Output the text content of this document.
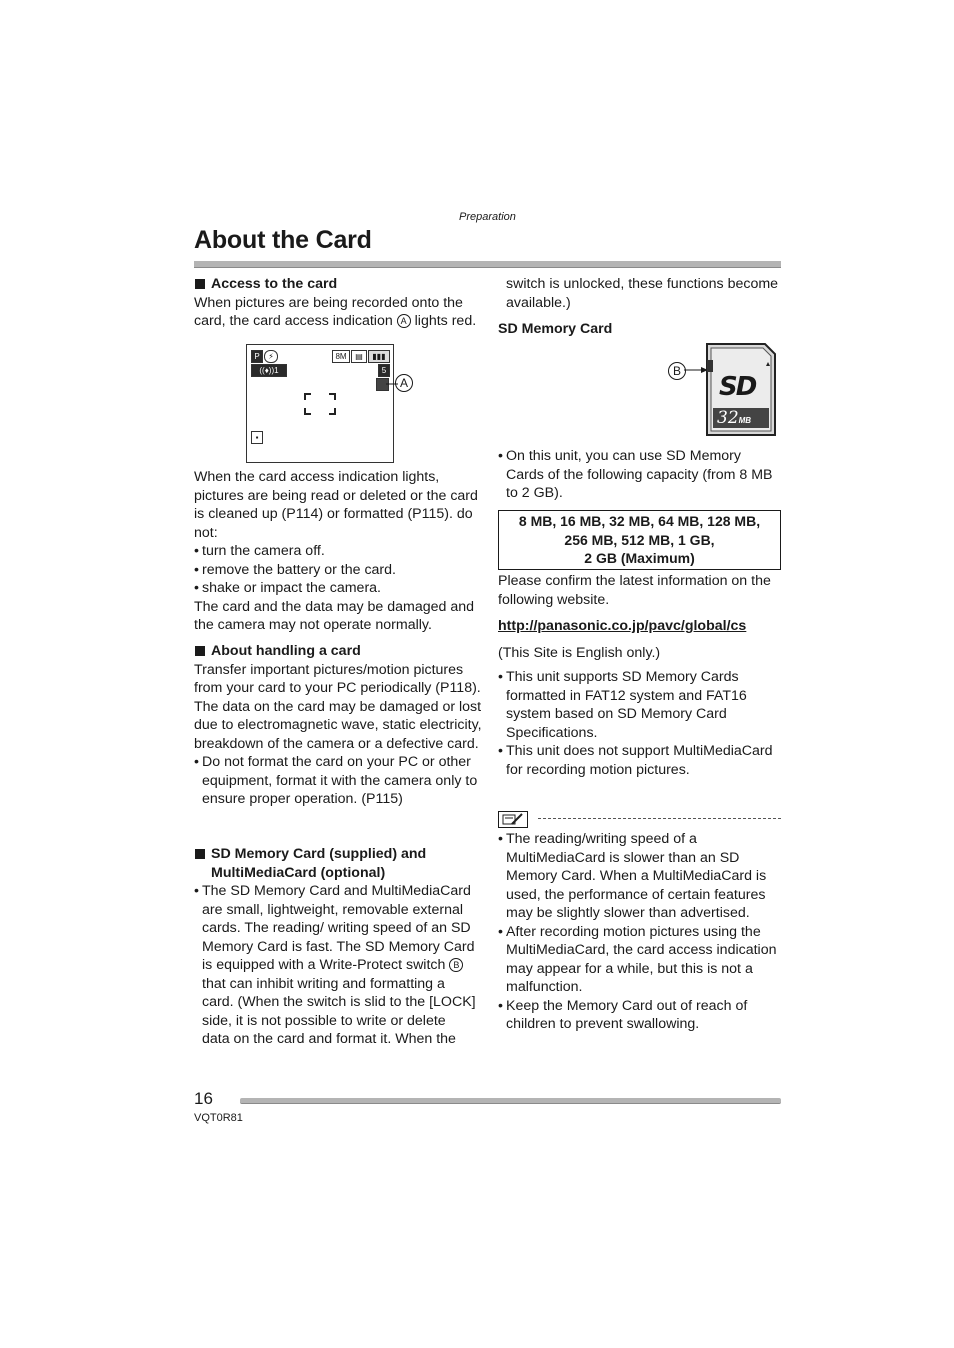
Preparation
About the Card
Access to the card

When pictures are being recorded onto the card, the card access indication A lights red.

P	⚡	8M	▤	▮▮▮
((♦))1	5
▪
A

When the card access indication lights, pictures are being read or deleted or the card is cleaned up (P114) or formatted (P115). do not:

• turn the camera off.
• remove the battery or the card.
• shake or impact the camera.

The card and the data may be damaged and the camera may not operate normally.

About handling a card

Transfer important pictures/motion pictures from your card to your PC periodically (P118). The data on the card may be damaged or lost due to electromagnetic wave, static electricity, breakdown of the camera or a defective card.

• Do not format the card on your PC or other equipment, format it with the camera only to ensure proper operation. (P115)
SD Memory Card (supplied) and
MultiMediaCard (optional)
• The SD Memory Card and MultiMediaCard are small, lightweight, removable external cards. The reading/ writing speed of an SD Memory Card is fast. The SD Memory Card is equipped with a Write-Protect switch B that can inhibit writing and formatting a card. (When the switch is slid to the [LOCK] side, it is not possible to write or delete data on the card and format it. When the

switch is unlocked, these functions become available.)

SD Memory Card

B
SD
32MB
• On this unit, you can use SD Memory Cards of the following capacity (from 8 MB to 2 GB).
8 MB, 16 MB, 32 MB, 64 MB, 128 MB,
256 MB, 512 MB, 1 GB,
2 GB (Maximum)

Please confirm the latest information on the following website.

http://panasonic.co.jp/pavc/global/cs

(This Site is English only.)

• This unit supports SD Memory Cards formatted in FAT12 system and FAT16 system based on SD Memory Card Specifications.
• This unit does not support MultiMediaCard for recording motion pictures.
• The reading/writing speed of a MultiMediaCard is slower than an SD Memory Card. When a MultiMediaCard is used, the performance of certain features may be slightly slower than advertised.
• After recording motion pictures using the MultiMediaCard, the card access indication may appear for a while, but this is not a malfunction.
• Keep the Memory Card out of reach of children to prevent swallowing.
16
VQT0R81
